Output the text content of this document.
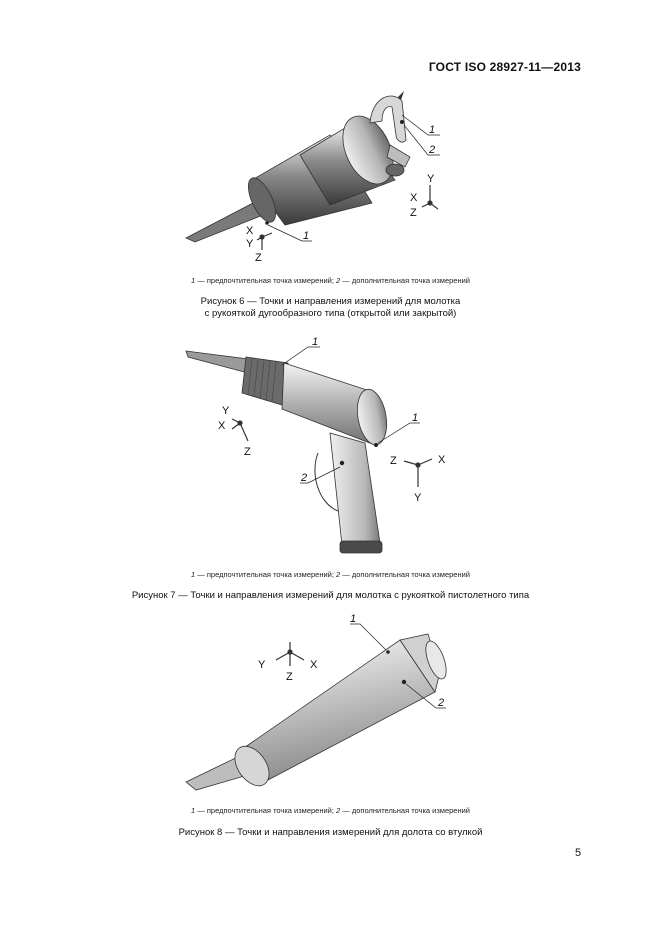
ГОСТ ISO 28927-11—2013
1
2
1
Y
X
Z
X
Y
Z
1 — предпочтительная точка измерений; 2 — дополнительная точка измерений
Рисунок 6 — Точки и направления измерений для молотка
с рукояткой дугообразного типа (открытой или закрытой)
1
1
2
Y
X
Z
Z	X
Y
1 — предпочтительная точка измерений; 2 — дополнительная точка измерений
Рисунок 7 — Точки и направления измерений для молотка с рукояткой пистолетного типа
1
2
Y
Z
X
1 — предпочтительная точка измерений; 2 — дополнительная точка измерений
Рисунок 8 — Точки и направления измерений для долота со втулкой
5
